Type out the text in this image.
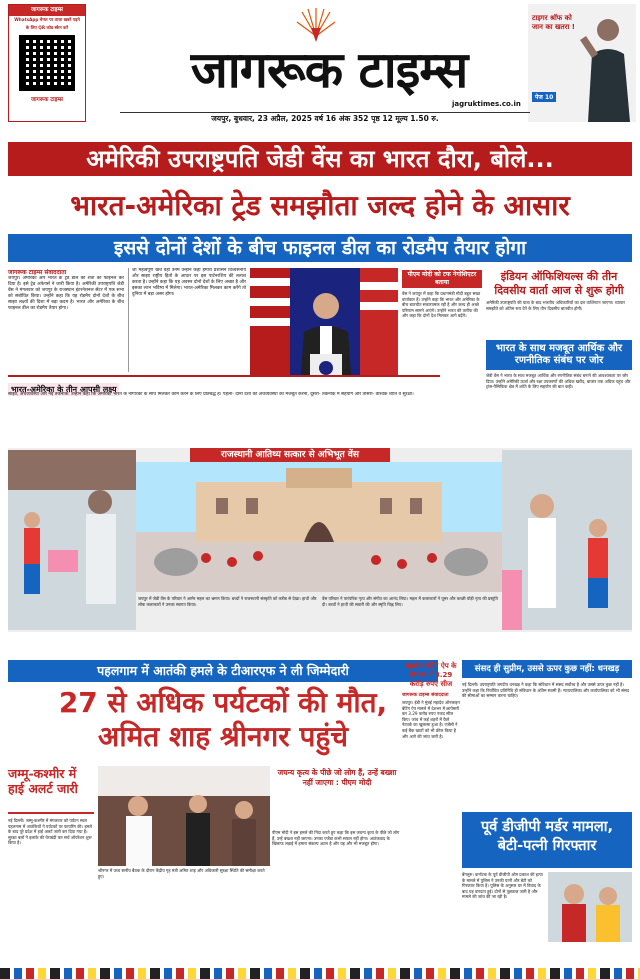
जागरूक टाइम्स
WhatsApp चैनल पर ताजा खबरें पढ़ने
के लिए QR कोड स्कैन करें
जागरूक टाइम्स
जागरूक टाइम्स
jagruktimes.co.in
टाइगर श्रॉफ को जान का खतरा !
पेज 10
जयपुर, बुधवार, 23 अप्रैल, 2025 वर्ष 16 अंक 352 पृष्ठ 12 मूल्य 1.50 रु.
अमेरिकी उपराष्ट्रपति जेडी वेंस का भारत दौरा, बोले...
भारत-अमेरिका ट्रेड समझौता जल्द होने के आसार
इससे दोनों देशों के बीच फाइनल डील का रोडमैप तैयार होगा
जागरूक टाइम्स संवाददाता
जयपुर। अमेरिका और भारत के ट्रेड डील की शर्तों को फाइनल कर दिया है। इसे ट्रेड अफेयर्स ने जारी किया है। अमेरिकी उपराष्ट्रपति जेडी वेंस ने मंगलवार को जयपुर के राजस्थान इंटरनेशनल सेंटर में एक सभा को संबोधित किया। उन्होंने कहा कि यह रोडमैप दोनों देशों के बीच साझा लक्ष्यों की दिशा में बड़ा कदम है। भारत और अमेरिका के बीच फाइनल डील का रोडमैप तैयार होगा।
जो महत्वपूर्ण खर्च वहीं उनमें उन्होंने कहा हमारा प्रशासन विश्वसनीय और साझा राष्ट्रीय हितों के आधार पर इस पार्टनरशिप की तलाश करता है। उन्होंने कहा कि यह अवसर दोनों देशों के लिए अच्छा है और इसका लाभ भविष्य में मिलेगा। भारत-अमेरिका मिलकर काम करेंगे तो दुनिया में बड़ा असर होगा।
पीएम मोदी को टफ नेगोशिएटर बताया
वेंस ने जयपुर में कहा कि प्रधानमंत्री मोदी बहुत सख्त वार्ताकार हैं। उन्होंने कहा कि भारत और अमेरिका के बीच बातचीत सकारात्मक रही है और जल्द ही अच्छे परिणाम सामने आएंगे। उन्होंने भारत की तारीफ की और कहा कि दोनों देश मिलकर आगे बढ़ेंगे।
इंडियन ऑफिशियल्स की तीन दिवसीय वार्ता आज से शुरू होगी
अमेरिकी उपराष्ट्रपति की यात्रा के बाद भारतीय अधिकारियों का दल वाशिंगटन जाएगा। व्यापार समझौते को अंतिम रूप देने के लिए तीन दिवसीय बातचीत होगी।
भारत के साथ मजबूत आर्थिक और रणनीतिक संबंध पर जोर
जेडी वेंस ने भारत के साथ मजबूत आर्थिक और रणनीतिक संबंध बनाने की आवश्यकता पर जोर दिया। उन्होंने अमेरिकी ऊर्जा और रक्षा उपकरणों की अधिक खरीद, बाजार तक अधिक पहुंच और ट्रांस-पैसिफिक क्षेत्र में शांति के लिए सहयोग की बात कही।
भारत-अमेरिका के तीन आपसी लक्ष्य
साझा, अर्थव्यवस्था और नई तकनीक: उन्होंने कहा कि अमेरिका भारत के नागरिकों के साथ मिलकर काम करने के लिए प्रतिबद्ध है। पहला- दोनों देशों की अर्थव्यवस्था को मजबूत करना, दूसरा- तकनीक में सहयोग और तीसरा- वैश्विक शांति व सुरक्षा।
राजस्थानी आतिथ्य सत्कार से अभिभूत वेंस
जयपुर में जेडी वेंस के परिवार ने आमेर महल का भ्रमण किया। बच्चों ने राजस्थानी संस्कृति को करीब से देखा। हाथी और लोक कलाकारों ने उनका स्वागत किया।
वेंस परिवार ने पारंपरिक नृत्य और संगीत का आनंद लिया। महल में कलाकारों ने घूमर और कच्छी घोड़ी नृत्य की प्रस्तुति दी। बच्चों ने हाथी की सवारी की और स्मृति चिह्न लिए।
पहलगाम में आतंकी हमले के टीआरएफ ने ली जिम्मेदारी
27 से अधिक पर्यटकों की मौत,
अमित शाह श्रीनगर पहुंचे
जम्मू-कश्मीर में हाई अलर्ट जारी
नई दिल्ली। जम्मू-कश्मीर में मंगलवार को पर्यटन स्थल पहलगाम में आतंकियों ने पर्यटकों पर फायरिंग की। हमले के बाद पूरे प्रदेश में हाई अलर्ट जारी कर दिया गया है। सुरक्षा बलों ने इलाके की घेराबंदी कर सर्च ऑपरेशन शुरू किया है।
श्रीनगर में उच्च स्तरीय बैठक के दौरान केंद्रीय गृह मंत्री अमित शाह और अधिकारी सुरक्षा स्थिति की समीक्षा करते हुए।
जघन्य कृत्य के पीछे जो लोग हैं, उन्हें बख्शा नहीं जाएगा : पीएम मोदी
पीएम मोदी ने इस हमले की निंदा करते हुए कहा कि इस जघन्य कृत्य के पीछे जो लोग हैं, उन्हें बख्शा नहीं जाएगा। उनका एजेंडा कभी सफल नहीं होगा। आतंकवाद के खिलाफ लड़ाई में हमारा संकल्प अटल है और यह और भी मजबूत होगा।
महादेव बेटिंग ऐप के देशभर में 3.29 करोड़ रुपए सीज
जागरूक टाइम्स संवाददाता
जयपुर। ईडी ने मुंबई महादेव ऑनलाइन बेटिंग ऐप मामले में देशभर में छापेमारी कर 3.29 करोड़ रुपए नकद सीज किए। जांच में कई शहरों में फैले नेटवर्क का खुलासा हुआ है। एजेंसी ने कई बैंक खातों को भी फ्रीज किया है और आगे की जांच जारी है।
संसद ही सुप्रीम, उससे ऊपर कुछ नहीं: धनखड़
नई दिल्ली। उपराष्ट्रपति जगदीप धनखड़ ने कहा कि संविधान में संसद सर्वोच्च है और उससे ऊपर कुछ नहीं है। उन्होंने कहा कि निर्वाचित प्रतिनिधि ही संविधान के अंतिम स्वामी हैं। न्यायपालिका और कार्यपालिका को भी संसद की सीमाओं का सम्मान करना चाहिए।
पूर्व डीजीपी मर्डर मामला,
बेटी-पत्नी गिरफ्तार
बेंगलुरु। कर्नाटक के पूर्व डीजीपी ओम प्रकाश की हत्या के मामले में पुलिस ने उनकी पत्नी और बेटी को गिरफ्तार किया है। पुलिस के अनुसार घर में विवाद के बाद यह वारदात हुई। दोनों से पूछताछ जारी है और मामले की जांच की जा रही है।
